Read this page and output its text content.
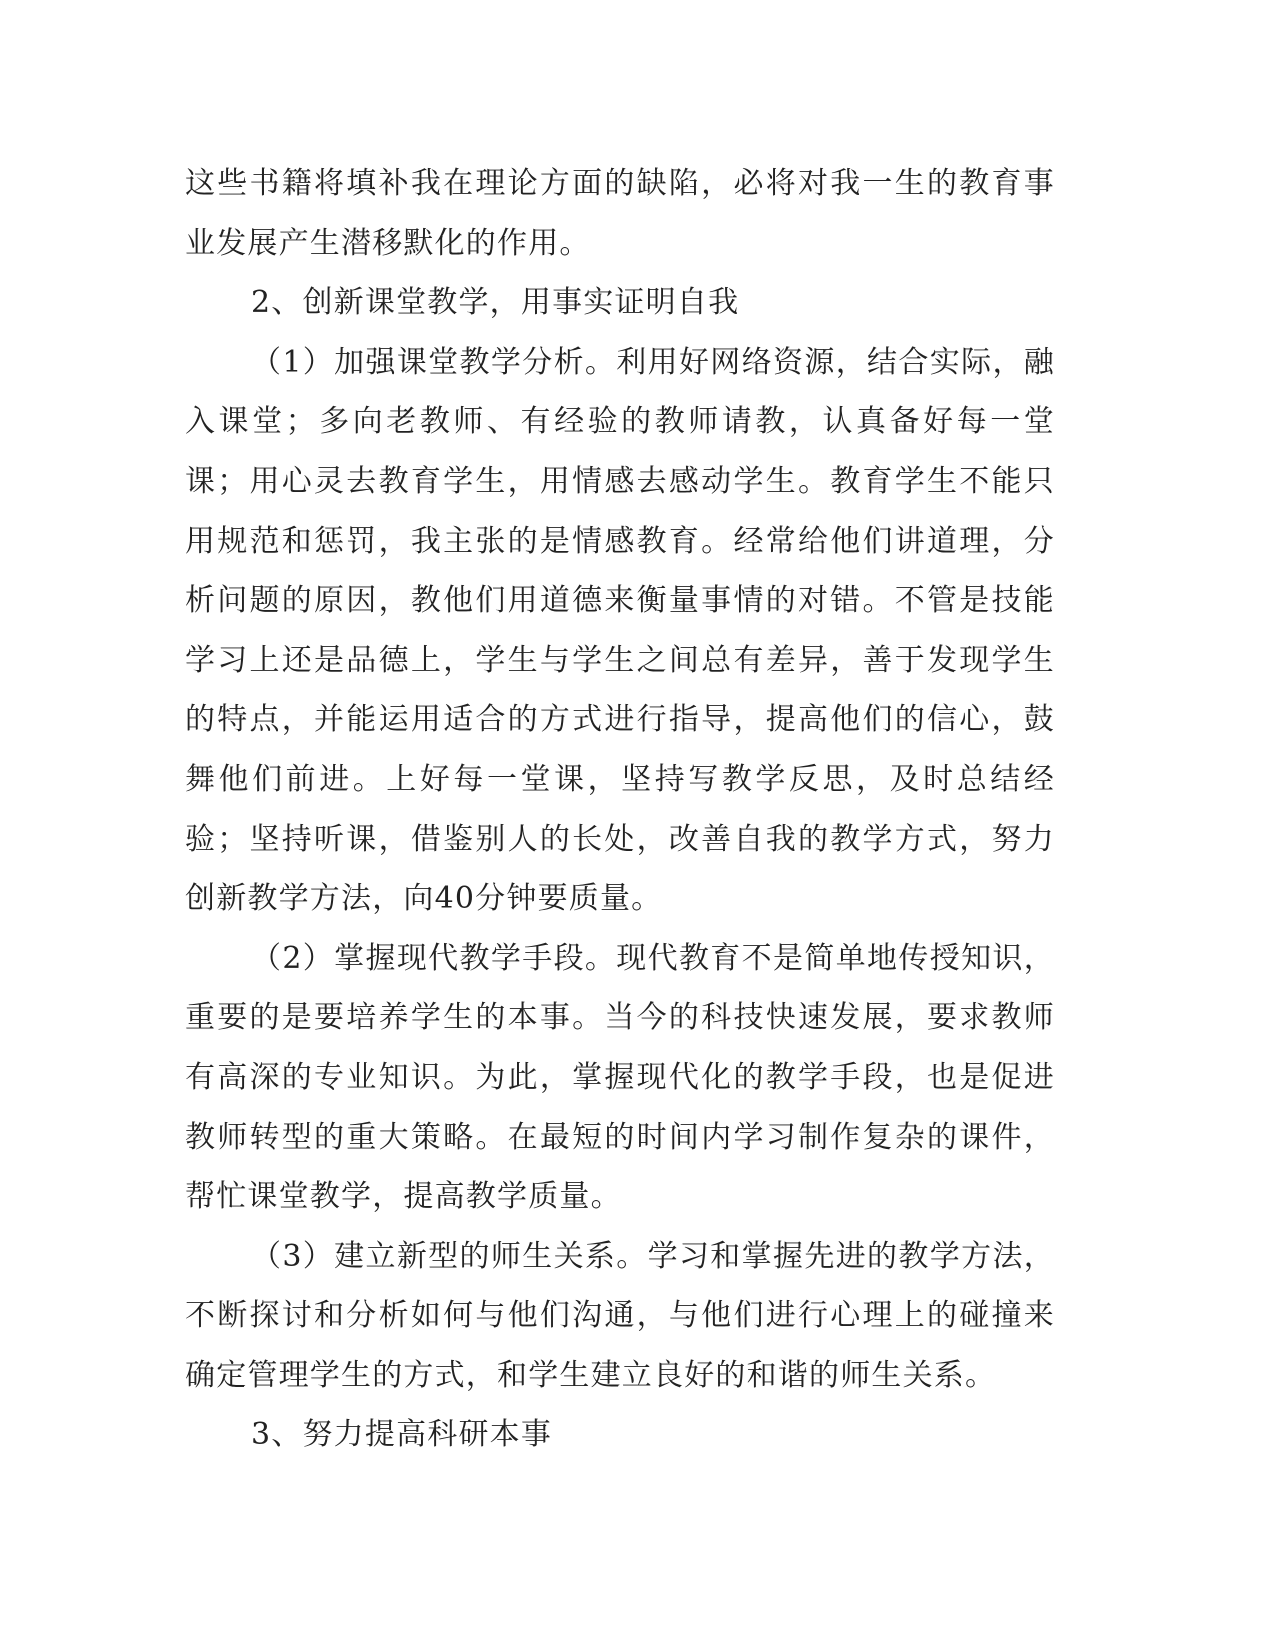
这些书籍将填补我在理论方面的缺陷，必将对我一生的教育事业发展产生潜移默化的作用。

2、创新课堂教学，用事实证明自我

（1）加强课堂教学分析。利用好网络资源，结合实际，融入课堂；多向老教师、有经验的教师请教，认真备好每一堂课；用心灵去教育学生，用情感去感动学生。教育学生不能只用规范和惩罚，我主张的是情感教育。经常给他们讲道理，分析问题的原因，教他们用道德来衡量事情的对错。不管是技能学习上还是品德上，学生与学生之间总有差异，善于发现学生的特点，并能运用适合的方式进行指导，提高他们的信心，鼓舞他们前进。上好每一堂课，坚持写教学反思，及时总结经验；坚持听课，借鉴别人的长处，改善自我的教学方式，努力创新教学方法，向40分钟要质量。

（2）掌握现代教学手段。现代教育不是简单地传授知识，重要的是要培养学生的本事。当今的科技快速发展，要求教师有高深的专业知识。为此，掌握现代化的教学手段，也是促进教师转型的重大策略。在最短的时间内学习制作复杂的课件，帮忙课堂教学，提高教学质量。

（3）建立新型的师生关系。学习和掌握先进的教学方法，不断探讨和分析如何与他们沟通，与他们进行心理上的碰撞来确定管理学生的方式，和学生建立良好的和谐的师生关系。

3、努力提高科研本事
